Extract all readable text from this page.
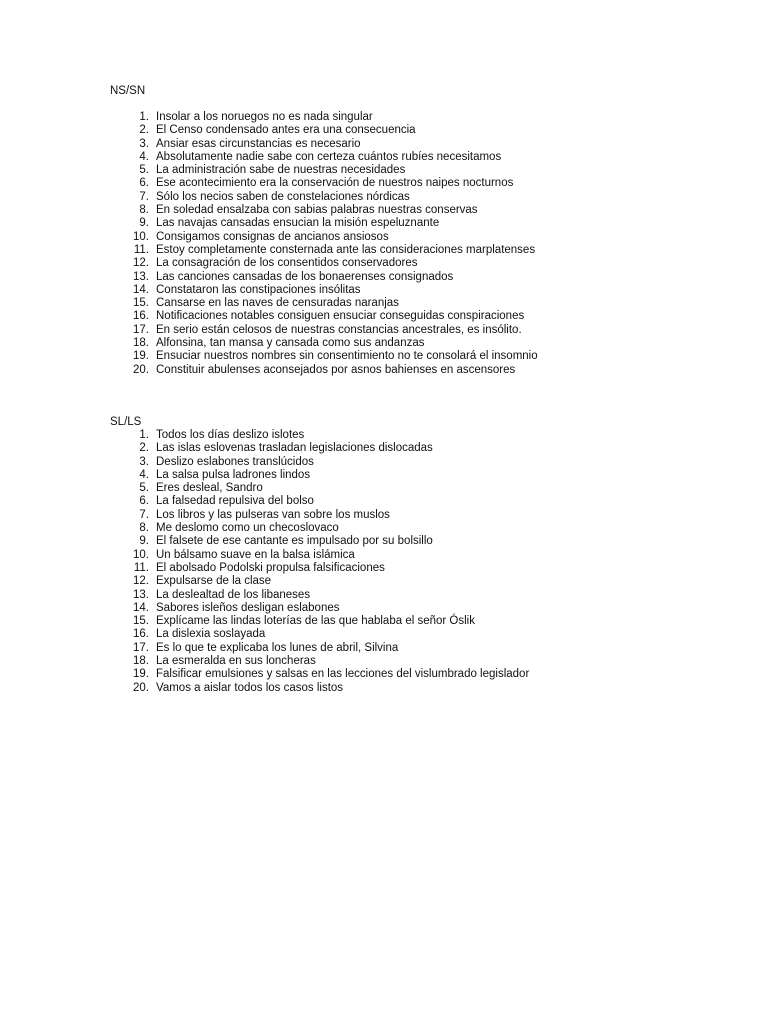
NS/SN
1. Insolar a los noruegos no es nada singular
2. El Censo condensado antes era una consecuencia
3. Ansiar esas circunstancias es necesario
4. Absolutamente nadie sabe con certeza cuántos rubíes necesitamos
5. La administración sabe de nuestras necesidades
6. Ese acontecimiento era la conservación de nuestros naipes nocturnos
7. Sólo los necios saben de constelaciones nórdicas
8. En soledad ensalzaba con sabias palabras nuestras conservas
9. Las navajas cansadas ensucian la misión espeluznante
10. Consigamos consignas de ancianos ansiosos
11. Estoy completamente consternada ante las consideraciones marplatenses
12. La consagración de los consentidos conservadores
13. Las canciones cansadas de los bonaerenses consignados
14. Constataron las constipaciones insólitas
15. Cansarse en las naves de censuradas naranjas
16. Notificaciones notables consiguen ensuciar conseguidas conspiraciones
17. En serio están celosos de nuestras constancias ancestrales, es insólito.
18. Alfonsina, tan mansa y cansada como sus andanzas
19. Ensuciar nuestros nombres sin consentimiento no te consolará el insomnio
20. Constituir abulenses aconsejados por asnos bahienses en ascensores
SL/LS
1. Todos los días deslizo islotes
2. Las islas eslovenas trasladan legislaciones dislocadas
3. Deslizo eslabones translúcidos
4. La salsa pulsa ladrones lindos
5. Eres desleal, Sandro
6. La falsedad repulsiva del bolso
7. Los libros y las pulseras van sobre los muslos
8. Me deslomo como un checoslovaco
9. El falsete de ese cantante es impulsado por su bolsillo
10. Un bálsamo suave en la balsa islámica
11. El abolsado Podolski propulsa falsificaciones
12. Expulsarse de la clase
13. La deslealtad de los libaneses
14. Sabores isleños desligan eslabones
15. Explícame las lindas loterías de las que hablaba el señor Óslik
16. La dislexia soslayada
17. Es lo que te explicaba los lunes de abril, Silvina
18. La esmeralda en sus loncheras
19. Falsificar emulsiones y salsas en las lecciones del vislumbrado legislador
20. Vamos a aislar todos los casos listos
